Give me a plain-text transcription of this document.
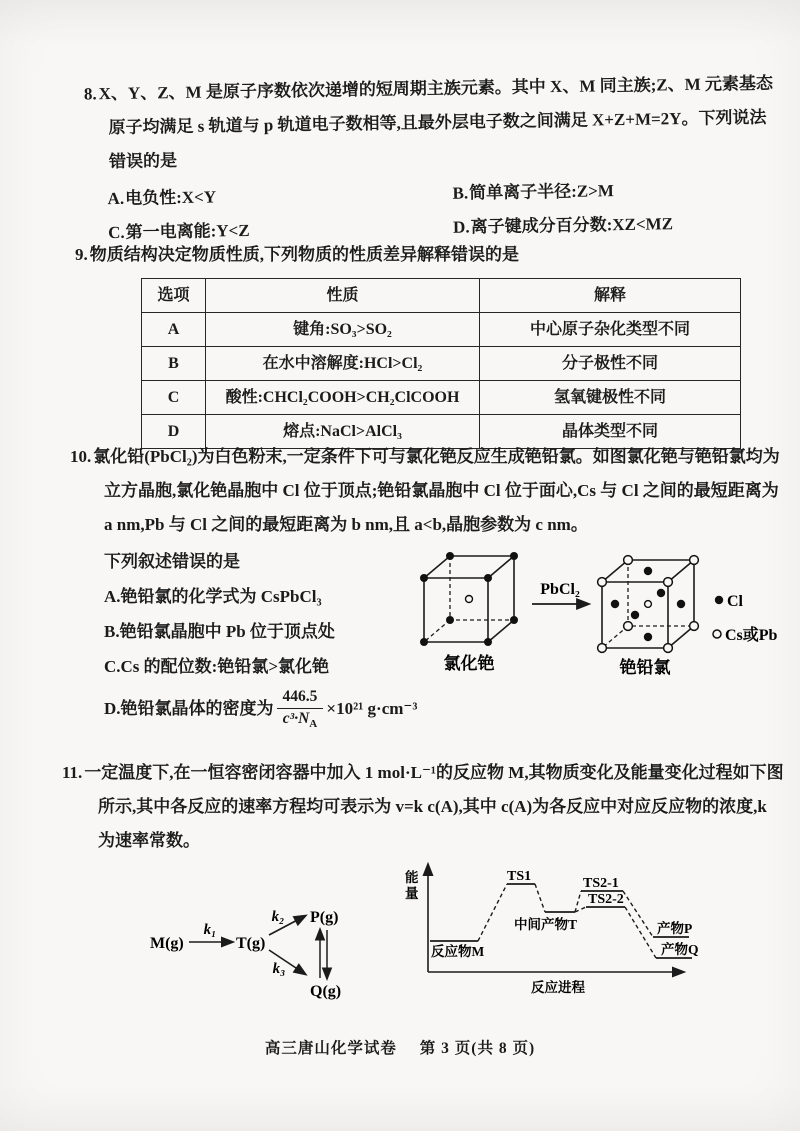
8. X、Y、Z、M 是原子序数依次递增的短周期主族元素。其中 X、M 同主族;Z、M 元素基态原子均满足 s 轨道与 p 轨道电子数相等,且最外层电子数之间满足 X+Z+M=2Y。下列说法错误的是

A.电负性:X<Y	B.简单离子半径:Z>M
C.第一电离能:Y<Z	D.离子键成分百分数:XZ<MZ

9. 物质结构决定物质性质,下列物质的性质差异解释错误的是

选项	性质	解释
A	键角:SO₃>SO₂	中心原子杂化类型不同
B	在水中溶解度:HCl>Cl₂	分子极性不同
C	酸性:CHCl₂COOH>CH₂ClCOOH	氢氧键极性不同
D	熔点:NaCl>AlCl₃	晶体类型不同

10. 氯化铅(PbCl₂)为白色粉末,一定条件下可与氯化铯反应生成铯铅氯。如图氯化铯与铯铅氯均为立方晶胞,氯化铯晶胞中 Cl 位于顶点;铯铅氯晶胞中 Cl 位于面心,Cs 与 Cl 之间的最短距离为 a nm,Pb 与 Cl 之间的最短距离为 b nm,且 a<b,晶胞参数为 c nm。

下列叙述错误的是
A.铯铅氯的化学式为 CsPbCl₃
B.铯铅氯晶胞中 Pb 位于顶点处
C.Cs 的配位数:铯铅氯>氯化铯	氯化铯
PbCl₂
铯铅氯
Cl
Cs或Pb
D. 铯铅氯晶体的密度为 $\frac{446.5}{c^3\cdot N_A} \times 10^{21}$ g·cm⁻³

11. 一定温度下,在一恒容密闭容器中加入 1 mol·L⁻¹的反应物 M,其物质变化及能量变化过程如下图所示,其中各反应的速率方程均可表示为 v=k c(A),其中 c(A)为各反应中对应反应物的浓度,k 为速率常数。

M(g)
k₁
T(g)
k₂ P(g)
k₃
Q(g)
能
量
反应进程
反应物M
TS1
中间产物T
TS2-1
TS2-2
产物P
产物Q
高三唐山化学试卷 第 3 页(共 8 页)
